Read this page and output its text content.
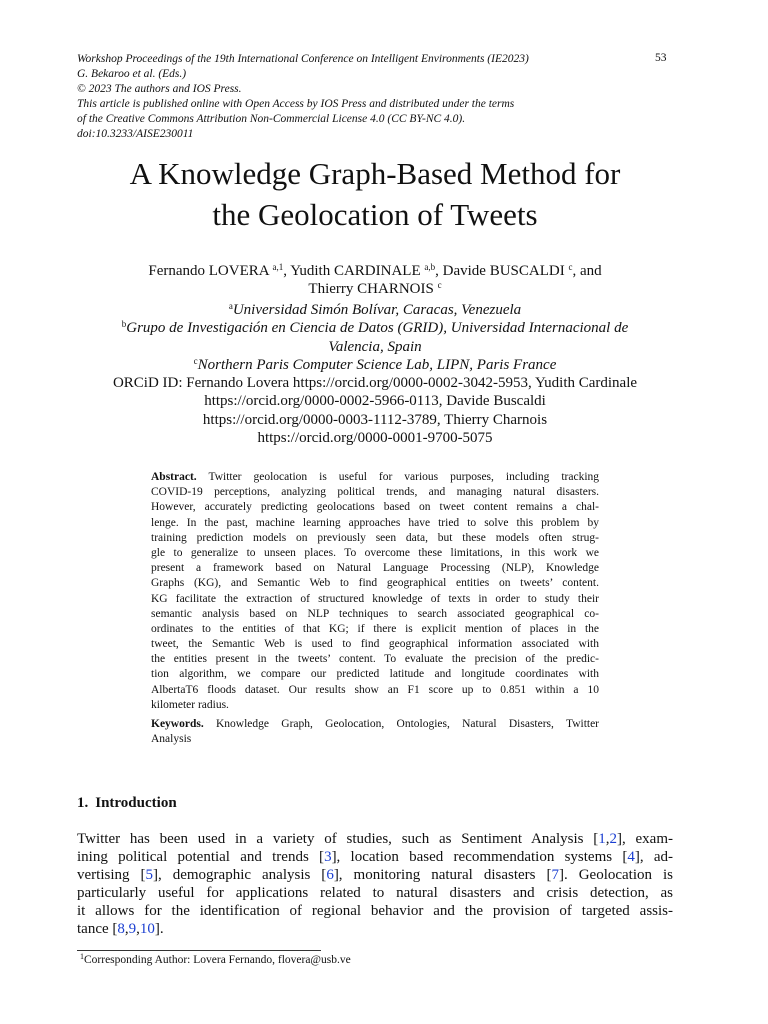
Workshop Proceedings of the 19th International Conference on Intelligent Environments (IE2023)
G. Bekaroo et al. (Eds.)
© 2023 The authors and IOS Press.
This article is published online with Open Access by IOS Press and distributed under the terms
of the Creative Commons Attribution Non-Commercial License 4.0 (CC BY-NC 4.0).
doi:10.3233/AISE230011
53
A Knowledge Graph-Based Method for
the Geolocation of Tweets
Fernando LOVERA $^{a,1}$, Yudith CARDINALE $^{a,b}$, Davide BUSCALDI $^c$, and
Thierry CHARNOIS $^c$
$^a$Universidad Simón Bolívar, Caracas, Venezuela
$^b$Grupo de Investigación en Ciencia de Datos (GRID), Universidad Internacional de
Valencia, Spain
$^c$Northern Paris Computer Science Lab, LIPN, Paris France
ORCiD ID: Fernando Lovera https://orcid.org/0000-0002-3042-5953, Yudith Cardinale
https://orcid.org/0000-0002-5966-0113, Davide Buscaldi
https://orcid.org/0000-0003-1112-3789, Thierry Charnois
https://orcid.org/0000-0001-9700-5075
Abstract. Twitter geolocation is useful for various purposes, including tracking
COVID-19 perceptions, analyzing political trends, and managing natural disasters.
However, accurately predicting geolocations based on tweet content remains a chal-
lenge. In the past, machine learning approaches have tried to solve this problem by
training prediction models on previously seen data, but these models often strug-
gle to generalize to unseen places. To overcome these limitations, in this work we
present a framework based on Natural Language Processing (NLP), Knowledge
Graphs (KG), and Semantic Web to find geographical entities on tweets’ content.
KG facilitate the extraction of structured knowledge of texts in order to study their
semantic analysis based on NLP techniques to search associated geographical co-
ordinates to the entities of that KG; if there is explicit mention of places in the
tweet, the Semantic Web is used to find geographical information associated with
the entities present in the tweets’ content. To evaluate the precision of the predic-
tion algorithm, we compare our predicted latitude and longitude coordinates with
AlbertaT6 floods dataset. Our results show an F1 score up to 0.851 within a 10
kilometer radius.
Keywords. Knowledge Graph, Geolocation, Ontologies, Natural Disasters, Twitter
Analysis
1. Introduction
Twitter has been used in a variety of studies, such as Sentiment Analysis [1,2], exam-
ining political potential and trends [3], location based recommendation systems [4], ad-
vertising [5], demographic analysis [6], monitoring natural disasters [7]. Geolocation is
particularly useful for applications related to natural disasters and crisis detection, as
it allows for the identification of regional behavior and the provision of targeted assis-
tance [8,9,10].
$^1$Corresponding Author: Lovera Fernando, flovera@usb.ve
